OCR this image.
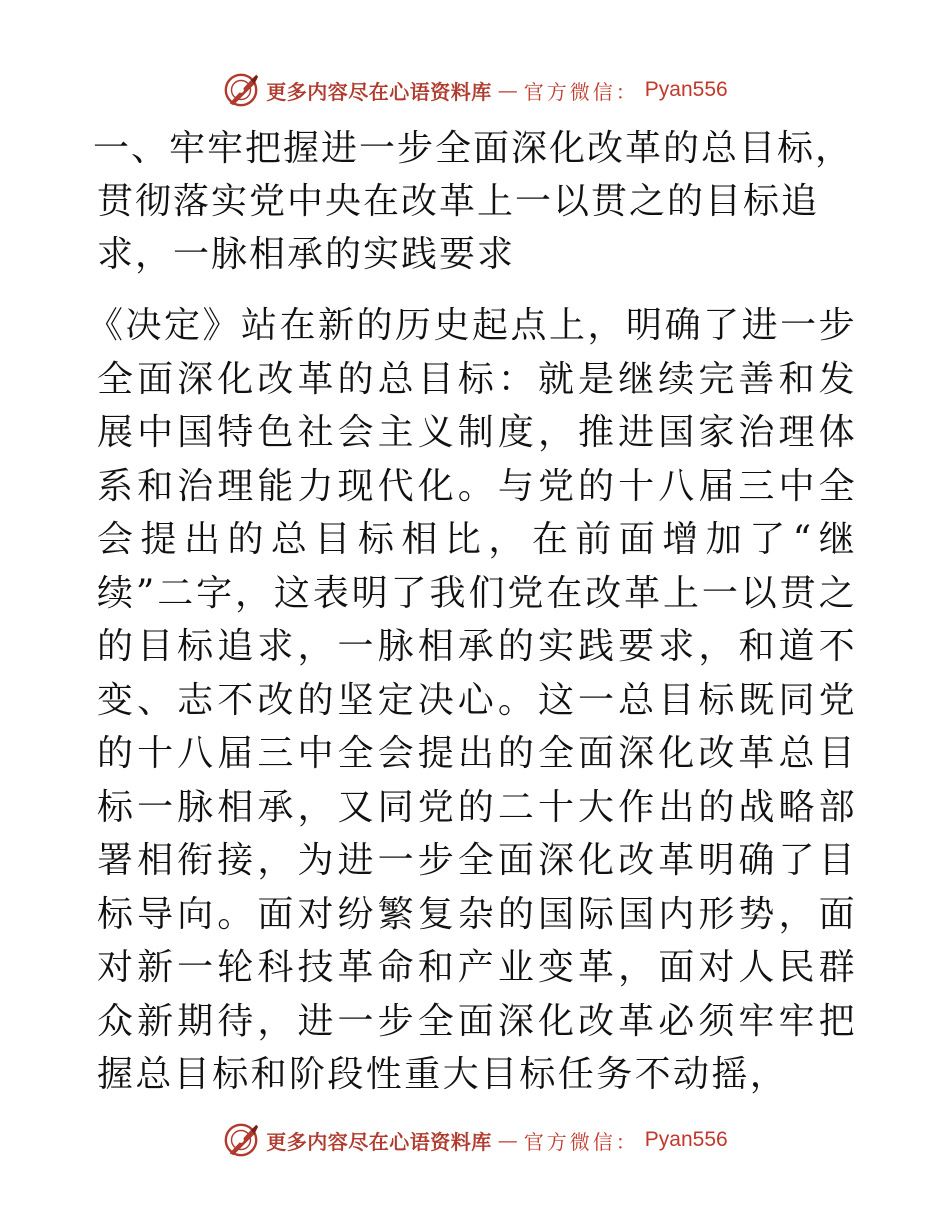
更多内容尽在心语资料库 — 官方微信： Pyan556
一、牢牢把握进一步全面深化改革的总目标，贯彻落实党中央在改革上一以贯之的目标追求，一脉相承的实践要求

《决定》站在新的历史起点上，明确了进一步全面深化改革的总目标：就是继续完善和发展中国特色社会主义制度，推进国家治理体系和治理能力现代化。与党的十八届三中全会提出的总目标相比，在前面增加了“继续”二字，这表明了我们党在改革上一以贯之的目标追求，一脉相承的实践要求，和道不变、志不改的坚定决心。这一总目标既同党的十八届三中全会提出的全面深化改革总目标一脉相承，又同党的二十大作出的战略部署相衔接，为进一步全面深化改革明确了目标导向。面对纷繁复杂的国际国内形势，面对新一轮科技革命和产业变革，面对人民群众新期待，进一步全面深化改革必须牢牢把握总目标和阶段性重大目标任务不动摇，

更多内容尽在心语资料库 — 官方微信： Pyan556
